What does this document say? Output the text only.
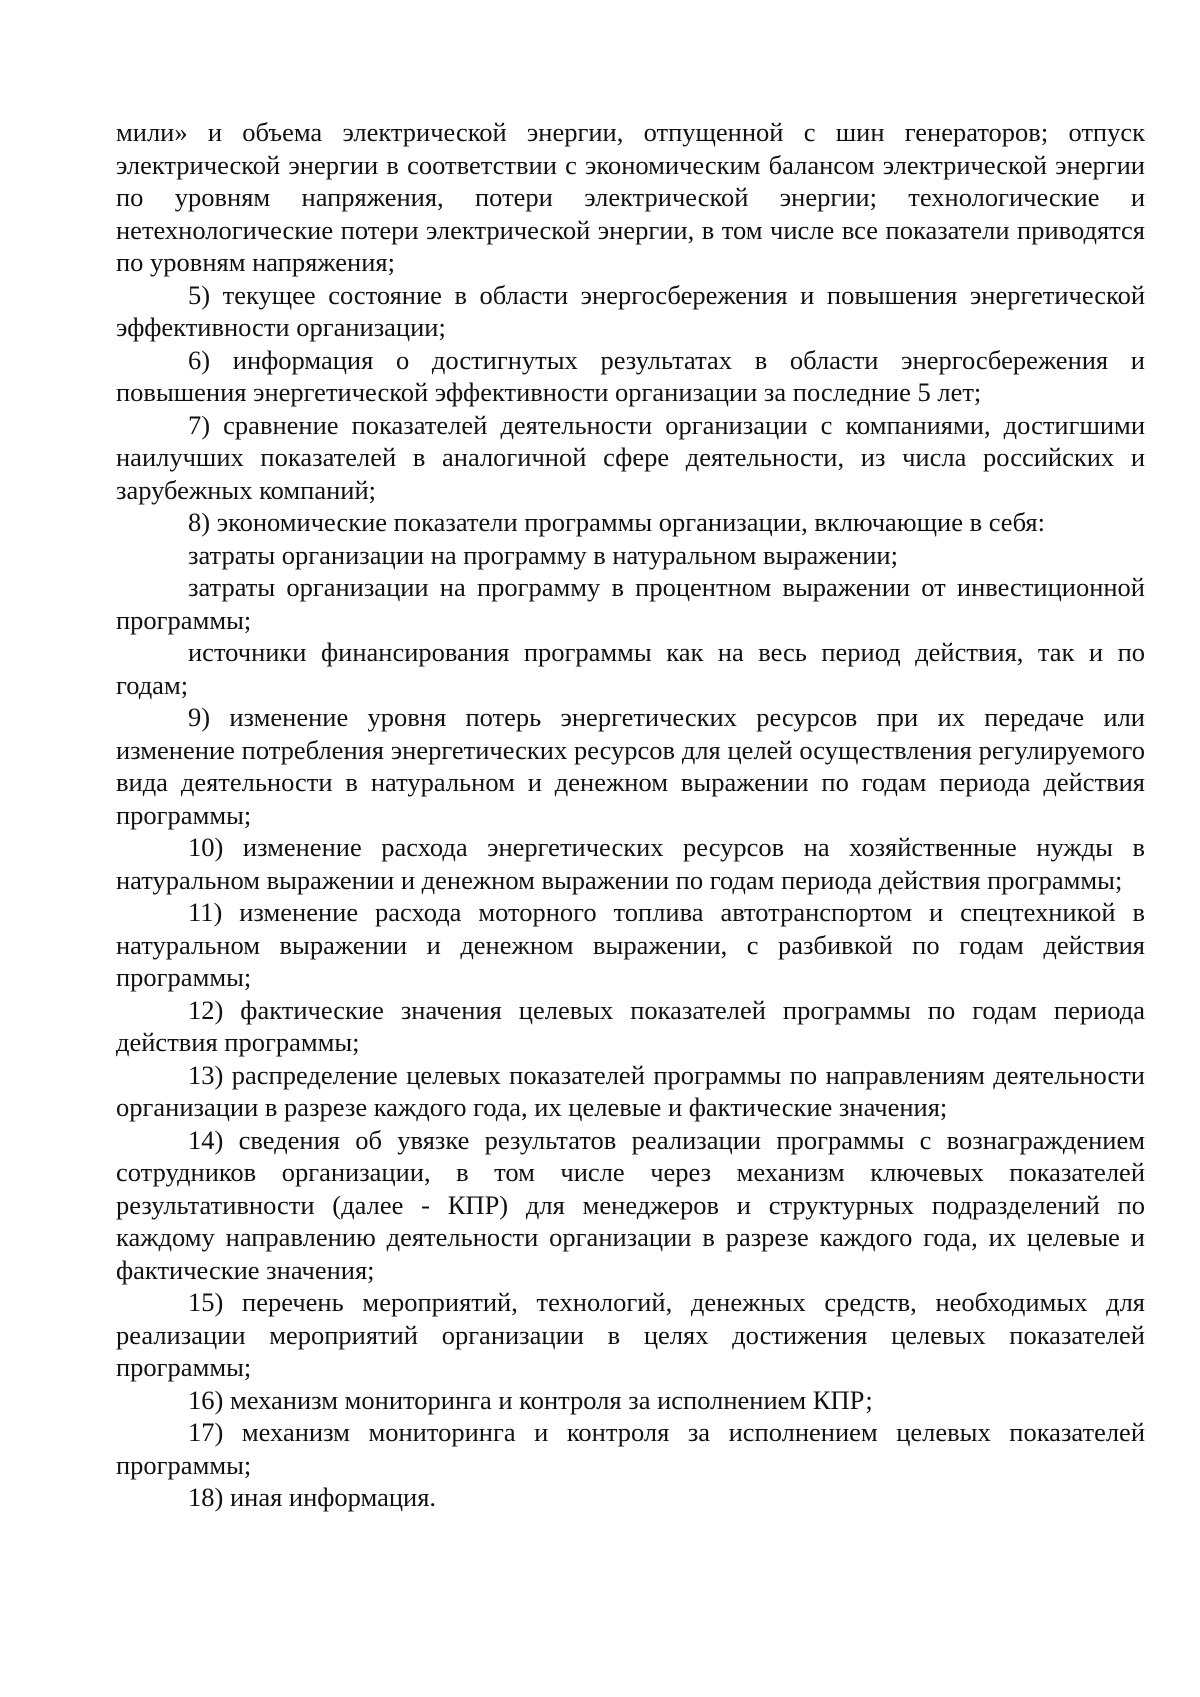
мили» и объема электрической энергии, отпущенной с шин генераторов; отпуск электрической энергии в соответствии с экономическим балансом электрической энергии по уровням напряжения, потери электрической энергии; технологические и нетехнологические потери электрической энергии, в том числе все показатели приводятся по уровням напряжения;

5) текущее состояние в области энергосбережения и повышения энергетической эффективности организации;

6) информация о достигнутых результатах в области энергосбережения и повышения энергетической эффективности организации за последние 5 лет;

7) сравнение показателей деятельности организации с компаниями, достигшими наилучших показателей в аналогичной сфере деятельности, из числа российских и зарубежных компаний;

8) экономические показатели программы организации, включающие в себя:

затраты организации на программу в натуральном выражении;

затраты организации на программу в процентном выражении от инвестиционной программы;

источники финансирования программы как на весь период действия, так и по годам;

9) изменение уровня потерь энергетических ресурсов при их передаче или изменение потребления энергетических ресурсов для целей осуществления регулируемого вида деятельности в натуральном и денежном выражении по годам периода действия программы;

10) изменение расхода энергетических ресурсов на хозяйственные нужды в натуральном выражении и денежном выражении по годам периода действия программы;

11) изменение расхода моторного топлива автотранспортом и спецтехникой в натуральном выражении и денежном выражении, с разбивкой по годам действия программы;

12) фактические значения целевых показателей программы по годам периода действия программы;

13) распределение целевых показателей программы по направлениям деятельности организации в разрезе каждого года, их целевые и фактические значения;

14) сведения об увязке результатов реализации программы с вознаграждением сотрудников организации, в том числе через механизм ключевых показателей результативности (далее - КПР) для менеджеров и структурных подразделений по каждому направлению деятельности организации в разрезе каждого года, их целевые и фактические значения;

15) перечень мероприятий, технологий, денежных средств, необходимых для реализации мероприятий организации в целях достижения целевых показателей программы;

16) механизм мониторинга и контроля за исполнением КПР;

17) механизм мониторинга и контроля за исполнением целевых показателей программы;

18) иная информация.
